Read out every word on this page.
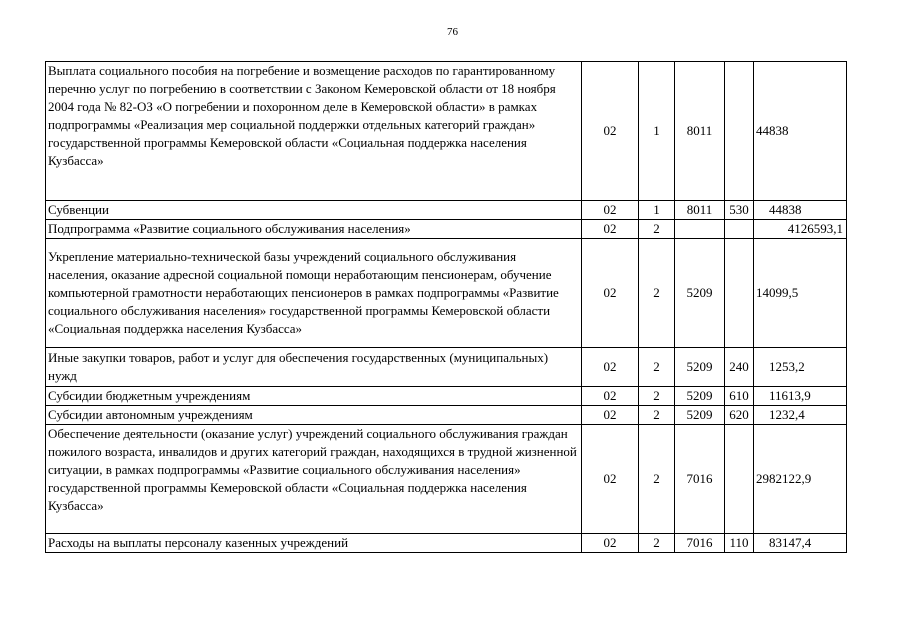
76
Выплата социального пособия на погребение и возмещение расходов по гарантированному перечню услуг по погребению в соответствии с Законом Кемеровской области от 18 ноября 2004 года № 82-ОЗ «О погребении и похоронном деле в Кемеровской области» в рамках подпрограммы «Реализация мер социальной поддержки отдельных категорий граждан» государственной программы Кемеровской области «Социальная поддержка населения Кузбасса»	02	1	8011		44838
Субвенции	02	1	8011	530	44838
Подпрограмма «Развитие социального обслуживания населения»	02	2			4126593,1
Укрепление материально-технической базы учреждений социального обслуживания населения, оказание адресной социальной помощи неработающим пенсионерам, обучение компьютерной грамотности неработающих пенсионеров в рамках подпрограммы «Развитие социального обслуживания населения» государственной программы Кемеровской области «Социальная поддержка населения Кузбасса»	02	2	5209		14099,5
Иные закупки товаров, работ и услуг для обеспечения государственных (муниципальных) нужд	02	2	5209	240	1253,2
Субсидии бюджетным учреждениям	02	2	5209	610	11613,9
Субсидии автономным учреждениям	02	2	5209	620	1232,4
Обеспечение деятельности (оказание услуг) учреждений социального обслуживания граждан пожилого возраста, инвалидов и других категорий граждан, находящихся в трудной жизненной ситуации, в рамках подпрограммы «Развитие социального обслуживания населения» государственной программы Кемеровской области «Социальная поддержка населения Кузбасса»	02	2	7016		2982122,9
Расходы на выплаты персоналу казенных учреждений	02	2	7016	110	83147,4
